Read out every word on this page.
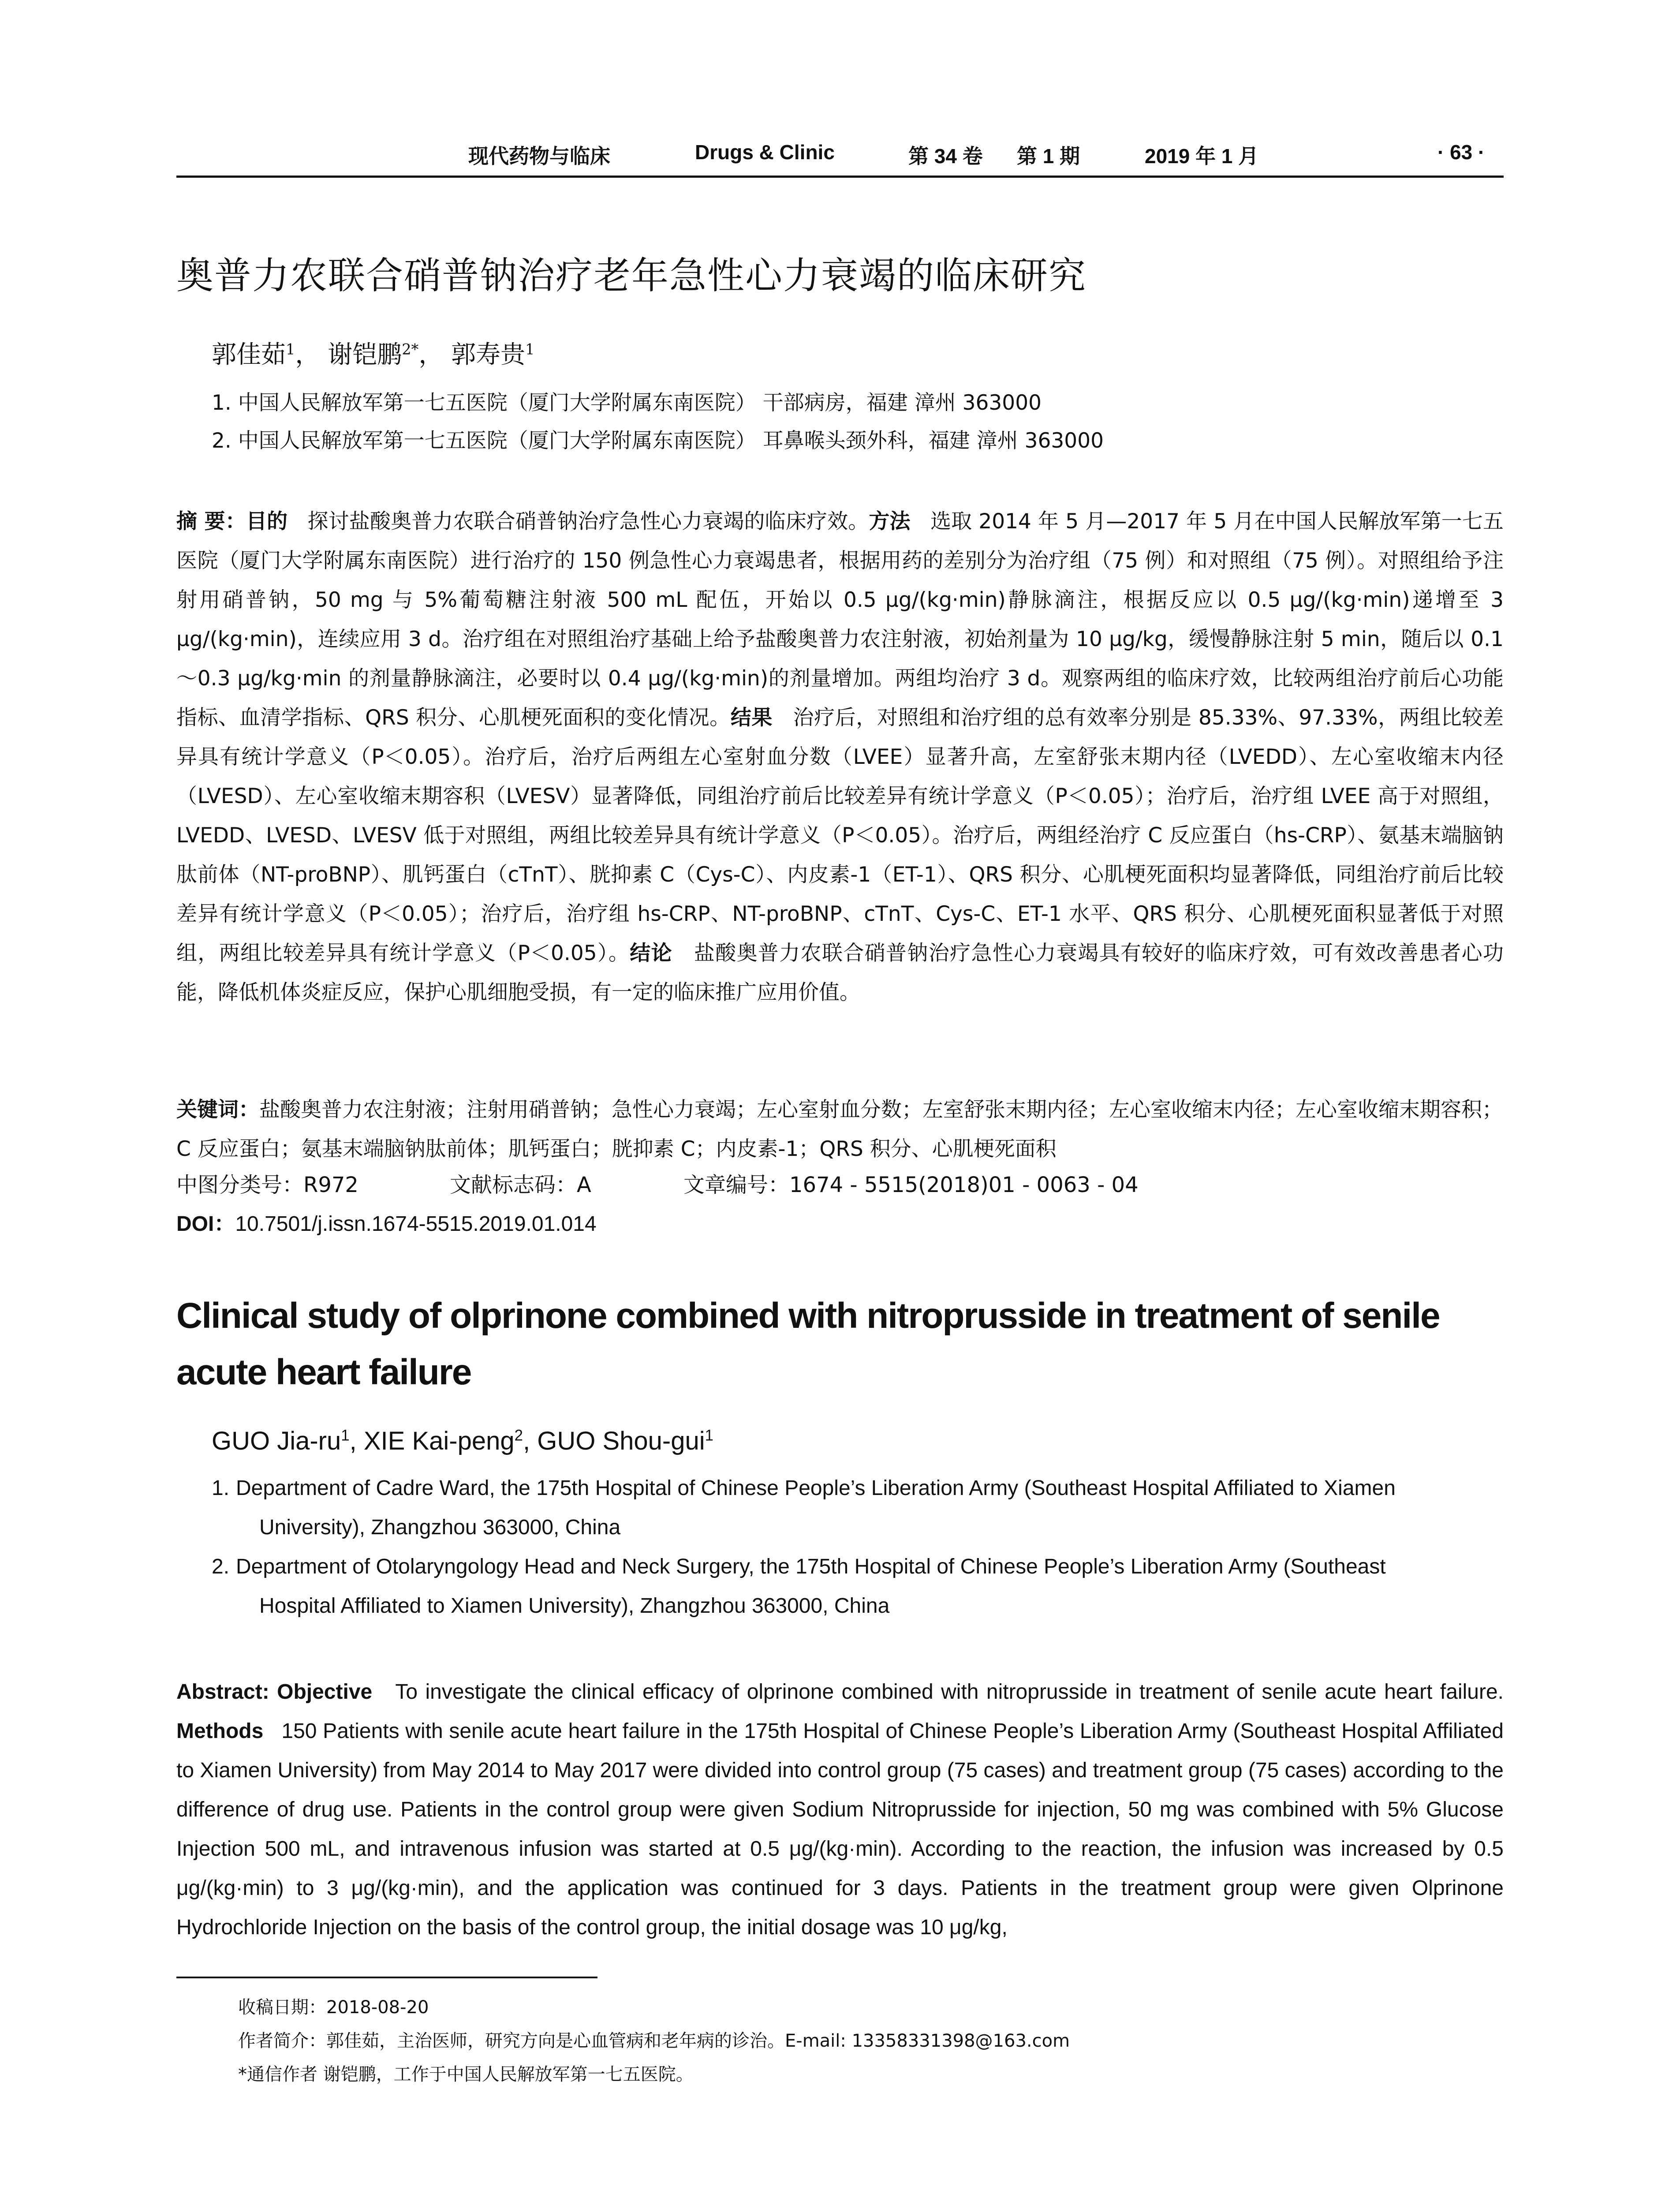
现代药物与临床	Drugs & Clinic	第 34 卷 第 1 期	2019 年 1 月	· 63 ·
奥普力农联合硝普钠治疗老年急性心力衰竭的临床研究
郭佳茹$^1$， 谢铠鹏$^{2*}$， 郭寿贵$^1$
1. 中国人民解放军第一七五医院（厦门大学附属东南医院） 干部病房，福建 漳州 363000
2. 中国人民解放军第一七五医院（厦门大学附属东南医院） 耳鼻喉头颈外科，福建 漳州 363000
摘 要：目的 探讨盐酸奥普力农联合硝普钠治疗急性心力衰竭的临床疗效。方法 选取 2014 年 5 月—2017 年 5 月在中国人民解放军第一七五医院（厦门大学附属东南医院）进行治疗的 150 例急性心力衰竭患者，根据用药的差别分为治疗组（75 例）和对照组（75 例）。对照组给予注射用硝普钠，50 mg 与 5%葡萄糖注射液 500 mL 配伍，开始以 0.5 μg/(kg·min)静脉滴注，根据反应以 0.5 μg/(kg·min)递增至 3 μg/(kg·min)，连续应用 3 d。治疗组在对照组治疗基础上给予盐酸奥普力农注射液，初始剂量为 10 μg/kg，缓慢静脉注射 5 min，随后以 0.1～0.3 μg/kg·min 的剂量静脉滴注，必要时以 0.4 μg/(kg·min)的剂量增加。两组均治疗 3 d。观察两组的临床疗效，比较两组治疗前后心功能指标、血清学指标、QRS 积分、心肌梗死面积的变化情况。结果 治疗后，对照组和治疗组的总有效率分别是 85.33%、97.33%，两组比较差异具有统计学意义（P＜0.05）。治疗后，治疗后两组左心室射血分数（LVEE）显著升高，左室舒张末期内径（LVEDD）、左心室收缩末内径（LVESD）、左心室收缩末期容积（LVESV）显著降低，同组治疗前后比较差异有统计学意义（P＜0.05）；治疗后，治疗组 LVEE 高于对照组，LVEDD、LVESD、LVESV 低于对照组，两组比较差异具有统计学意义（P＜0.05）。治疗后，两组经治疗 C 反应蛋白（hs-CRP）、氨基末端脑钠肽前体（NT-proBNP）、肌钙蛋白（cTnT）、胱抑素 C（Cys-C）、内皮素-1（ET-1）、QRS 积分、心肌梗死面积均显著降低，同组治疗前后比较差异有统计学意义（P＜0.05）；治疗后，治疗组 hs-CRP、NT-proBNP、cTnT、Cys-C、ET-1 水平、QRS 积分、心肌梗死面积显著低于对照组，两组比较差异具有统计学意义（P＜0.05）。结论 盐酸奥普力农联合硝普钠治疗急性心力衰竭具有较好的临床疗效，可有效改善患者心功能，降低机体炎症反应，保护心肌细胞受损，有一定的临床推广应用价值。
关键词：盐酸奥普力农注射液；注射用硝普钠；急性心力衰竭；左心室射血分数；左室舒张末期内径；左心室收缩末内径；左心室收缩末期容积；C 反应蛋白；氨基末端脑钠肽前体；肌钙蛋白；胱抑素 C；内皮素-1；QRS 积分、心肌梗死面积
中图分类号：R972	文献标志码：A	文章编号：1674 - 5515(2018)01 - 0063 - 04
DOI：10.7501/j.issn.1674-5515.2019.01.014
Clinical study of olprinone combined with nitroprusside in treatment of senile acute heart failure
GUO Jia-$ru^1$, XIE Kai-peng$^2$, GUO Shou-gui$^1$
1. Department of Cadre Ward, the 175th Hospital of Chinese People’s Liberation Army (Southeast Hospital Affiliated to Xiamen
University), Zhangzhou 363000, China
2. Department of Otolaryngology Head and Neck Surgery, the 175th Hospital of Chinese People’s Liberation Army (Southeast
Hospital Affiliated to Xiamen University), Zhangzhou 363000, China
Abstract: Objective To investigate the clinical efficacy of olprinone combined with nitroprusside in treatment of senile acute heart failure. Methods 150 Patients with senile acute heart failure in the 175th Hospital of Chinese People’s Liberation Army (Southeast Hospital Affiliated to Xiamen University) from May 2014 to May 2017 were divided into control group (75 cases) and treatment group (75 cases) according to the difference of drug use. Patients in the control group were given Sodium Nitroprusside for injection, 50 mg was combined with 5% Glucose Injection 500 mL, and intravenous infusion was started at 0.5 μg/(kg·min). According to the reaction, the infusion was increased by 0.5 μg/(kg·min) to 3 μg/(kg·min), and the application was continued for 3 days. Patients in the treatment group were given Olprinone Hydrochloride Injection on the basis of the control group, the initial dosage was 10 μg/kg,
收稿日期：2018-08-20
作者简介：郭佳茹，主治医师，研究方向是心血管病和老年病的诊治。E-mail: 13358331398@163.com
*通信作者 谢铠鹏，工作于中国人民解放军第一七五医院。
